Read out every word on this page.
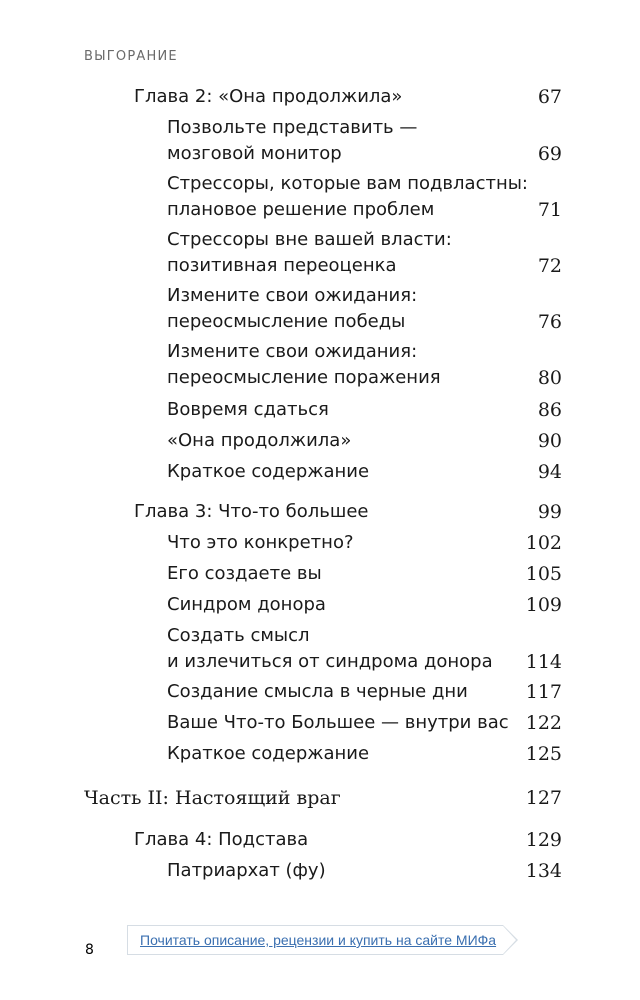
ВЫГОРАНИЕ
Глава 2: «Она продолжила»	67
Позвольте представить —
мозговой монитор	69
Стрессоры, которые вам подвластны:
плановое решение проблем	71
Стрессоры вне вашей власти:
позитивная переоценка	72
Измените свои ожидания:
переосмысление победы	76
Измените свои ожидания:
переосмысление поражения	80
Вовремя сдаться	86
«Она продолжила»	90
Краткое содержание	94
Глава 3: Что-то большее	99
Что это конкретно?	102
Его создаете вы	105
Синдром донора	109
Создать смысл
и излечиться от синдрома донора 114
Создание смысла в черные дни	117
Ваше Что-то Большее — внутри вас 122
Краткое содержание	125
Часть II: Настоящий враг	127
Глава 4: Подстава	129
Патриархат (фу)	134
8
Почитать описание, рецензии и купить на сайте МИФа
